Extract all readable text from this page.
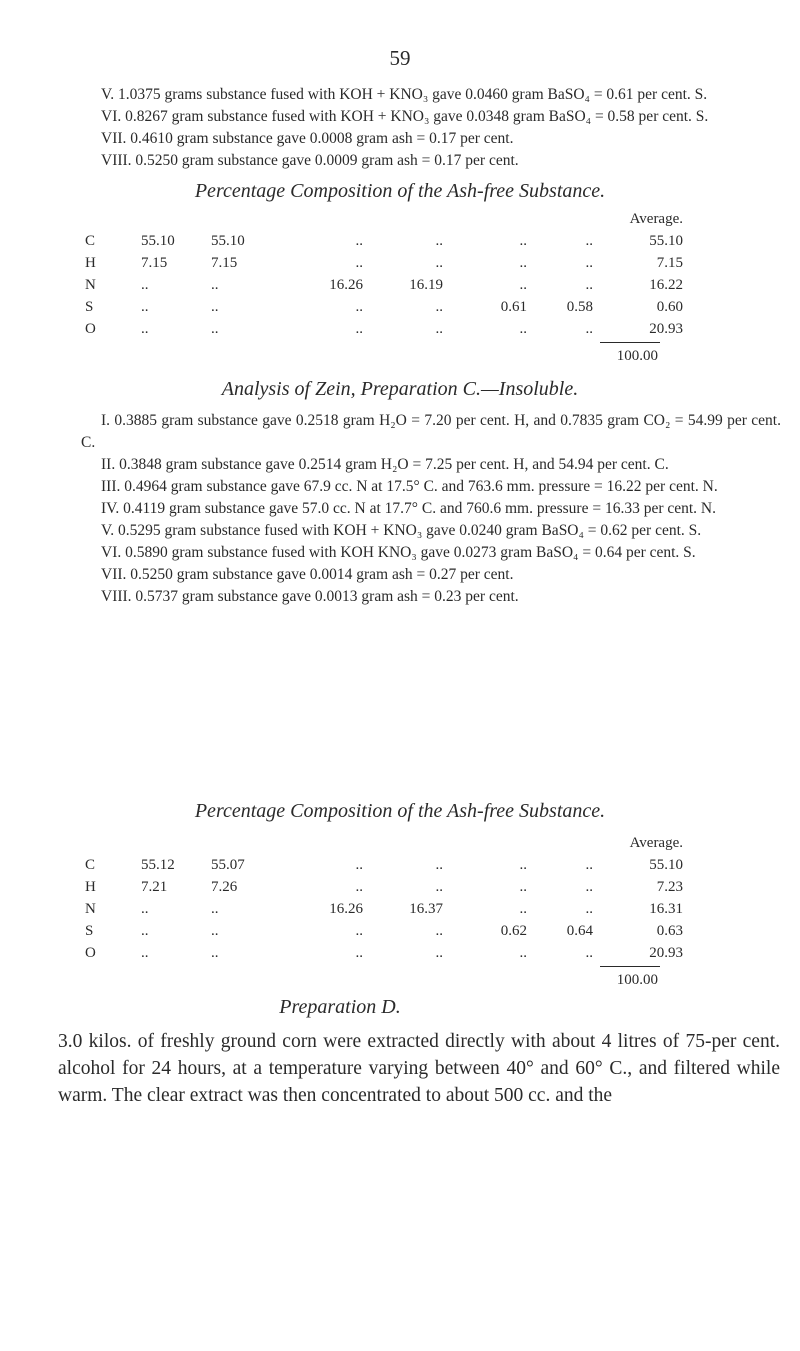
59

V. 1.0375 grams substance fused with KOH + KNO₃ gave 0.0460 gram BaSO₄ = 0.61 per cent. S.

VI. 0.8267 gram substance fused with KOH + KNO₃ gave 0.0348 gram BaSO₄ = 0.58 per cent. S.

VII. 0.4610 gram substance gave 0.0008 gram ash = 0.17 per cent.

VIII. 0.5250 gram substance gave 0.0009 gram ash = 0.17 per cent.

Percentage Composition of the Ash-free Substance.
							Average.
C	55.10	55.10	..	..	..	..	55.10
H	7.15	7.15	..	..	..	..	7.15
N	..	..	16.26	16.19	..	..	16.22
S	..	..	..	..	0.61	0.58	0.60
O	..	..	..	..	..	..	20.93
100.00
Analysis of Zein, Preparation C.—Insoluble.

I. 0.3885 gram substance gave 0.2518 gram H₂O = 7.20 per cent. H, and 0.7835 gram CO₂ = 54.99 per cent. C.

II. 0.3848 gram substance gave 0.2514 gram H₂O = 7.25 per cent. H, and 54.94 per cent. C.

III. 0.4964 gram substance gave 67.9 cc. N at 17.5° C. and 763.6 mm. pressure = 16.22 per cent. N.

IV. 0.4119 gram substance gave 57.0 cc. N at 17.7° C. and 760.6 mm. pressure = 16.33 per cent. N.

V. 0.5295 gram substance fused with KOH + KNO₃ gave 0.0240 gram BaSO₄ = 0.62 per cent. S.

VI. 0.5890 gram substance fused with KOH KNO₃ gave 0.0273 gram BaSO₄ = 0.64 per cent. S.

VII. 0.5250 gram substance gave 0.0014 gram ash = 0.27 per cent.

VIII. 0.5737 gram substance gave 0.0013 gram ash = 0.23 per cent.

Percentage Composition of the Ash-free Substance.
							Average.
C	55.12	55.07	..	..	..	..	55.10
H	7.21	7.26	..	..	..	..	7.23
N	..	..	16.26	16.37	..	..	16.31
S	..	..	..	..	0.62	0.64	0.63
O	..	..	..	..	..	..	20.93
100.00
Preparation D.

3.0 kilos. of freshly ground corn were extracted directly with about 4 litres of 75-per cent. alcohol for 24 hours, at a temperature varying between 40° and 60° C., and filtered while warm. The clear extract was then concentrated to about 500 cc. and the
